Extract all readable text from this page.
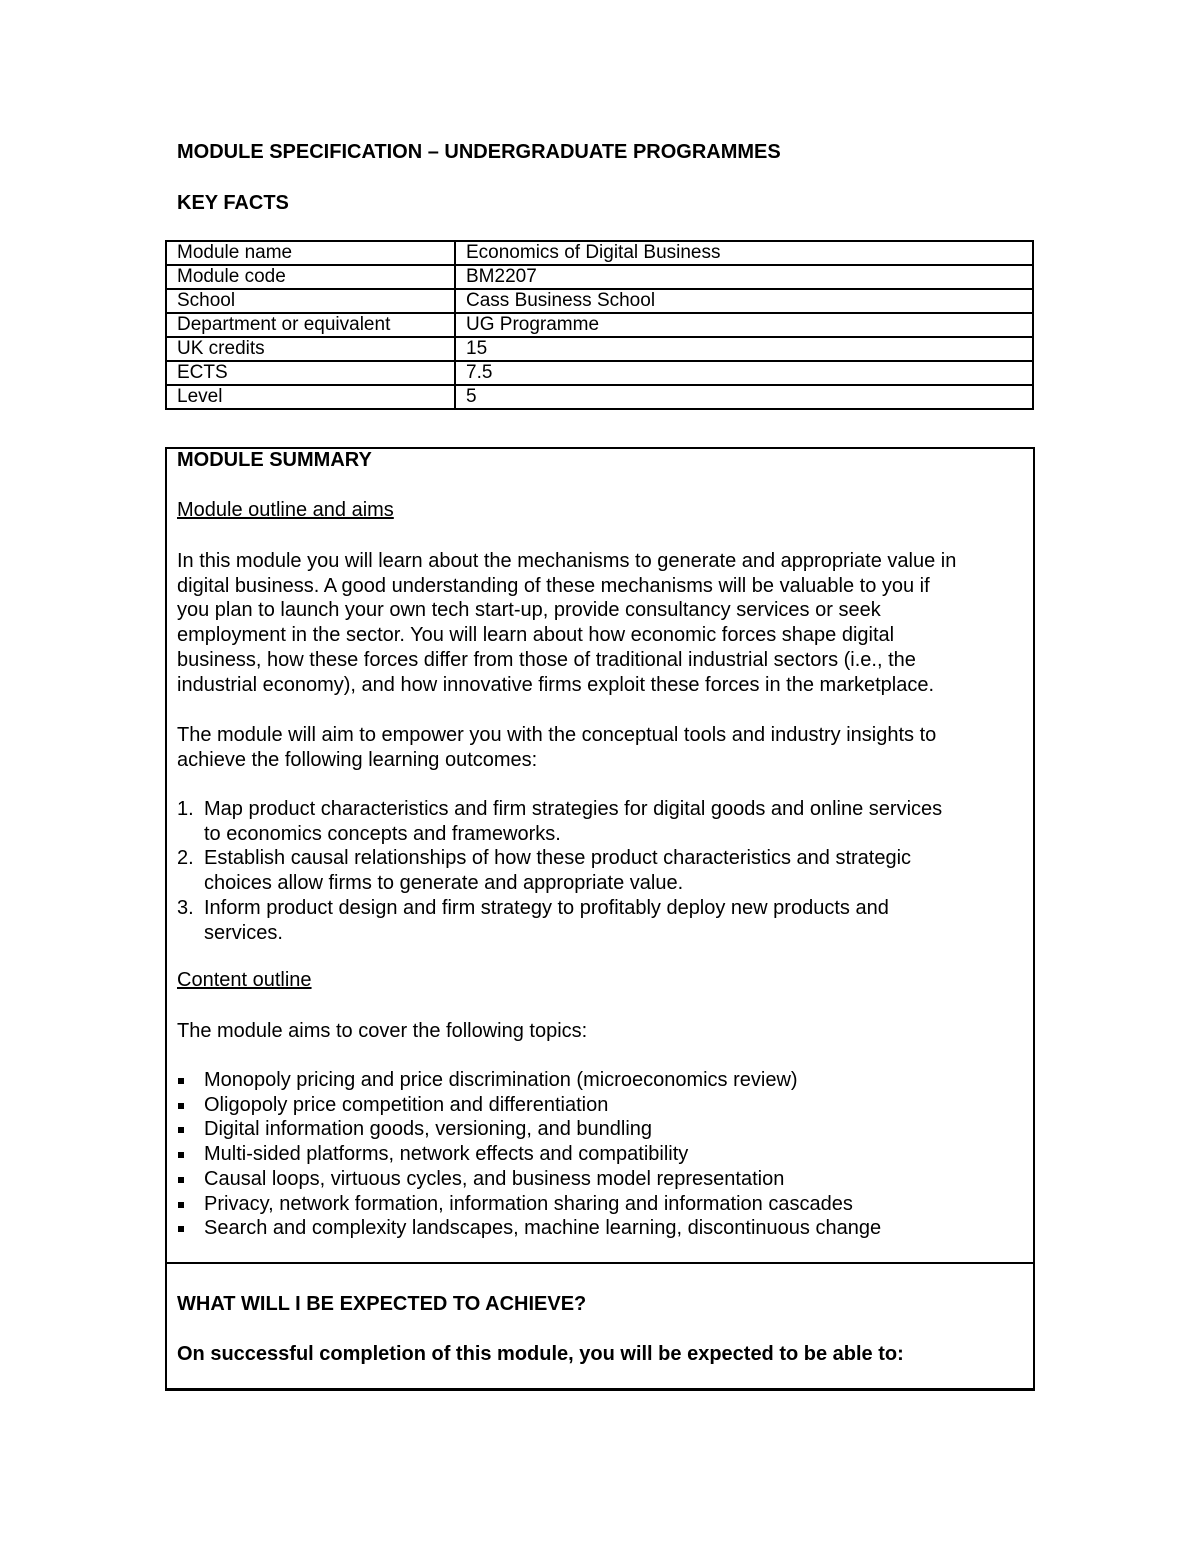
MODULE SPECIFICATION – UNDERGRADUATE PROGRAMMES
KEY FACTS
Module name	Economics of Digital Business
Module code	BM2207
School	Cass Business School
Department or equivalent	UG Programme
UK credits	15
ECTS	7.5
Level	5
MODULE SUMMARY
Module outline and aims

In this module you will learn about the mechanisms to generate and appropriate value in
digital business. A good understanding of these mechanisms will be valuable to you if
you plan to launch your own tech start-up, provide consultancy services or seek
employment in the sector. You will learn about how economic forces shape digital
business, how these forces differ from those of traditional industrial sectors (i.e., the
industrial economy), and how innovative firms exploit these forces in the marketplace.

The module will aim to empower you with the conceptual tools and industry insights to
achieve the following learning outcomes:

1. Map product characteristics and firm strategies for digital goods and online services
to economics concepts and frameworks.
2. Establish causal relationships of how these product characteristics and strategic
choices allow firms to generate and appropriate value.
3. Inform product design and firm strategy to profitably deploy new products and
services.
Content outline
The module aims to cover the following topics:
Monopoly pricing and price discrimination (microeconomics review)
Oligopoly price competition and differentiation
Digital information goods, versioning, and bundling
Multi-sided platforms, network effects and compatibility
Causal loops, virtuous cycles, and business model representation
Privacy, network formation, information sharing and information cascades
Search and complexity landscapes, machine learning, discontinuous change
WHAT WILL I BE EXPECTED TO ACHIEVE?
On successful completion of this module, you will be expected to be able to:
